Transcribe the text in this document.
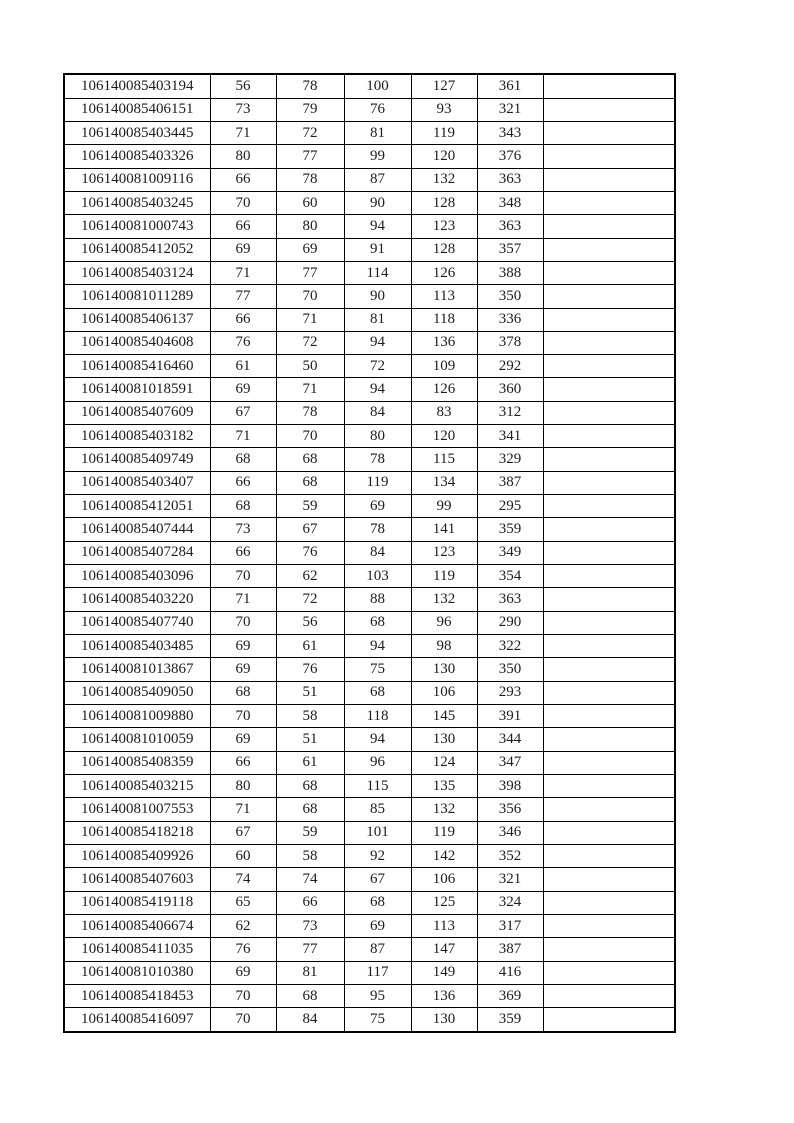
106140085403194	56	78	100	127	361	
106140085406151	73	79	76	93	321	
106140085403445	71	72	81	119	343	
106140085403326	80	77	99	120	376	
106140081009116	66	78	87	132	363	
106140085403245	70	60	90	128	348	
106140081000743	66	80	94	123	363	
106140085412052	69	69	91	128	357	
106140085403124	71	77	114	126	388	
106140081011289	77	70	90	113	350	
106140085406137	66	71	81	118	336	
106140085404608	76	72	94	136	378	
106140085416460	61	50	72	109	292	
106140081018591	69	71	94	126	360	
106140085407609	67	78	84	83	312	
106140085403182	71	70	80	120	341	
106140085409749	68	68	78	115	329	
106140085403407	66	68	119	134	387	
106140085412051	68	59	69	99	295	
106140085407444	73	67	78	141	359	
106140085407284	66	76	84	123	349	
106140085403096	70	62	103	119	354	
106140085403220	71	72	88	132	363	
106140085407740	70	56	68	96	290	
106140085403485	69	61	94	98	322	
106140081013867	69	76	75	130	350	
106140085409050	68	51	68	106	293	
106140081009880	70	58	118	145	391	
106140081010059	69	51	94	130	344	
106140085408359	66	61	96	124	347	
106140085403215	80	68	115	135	398	
106140081007553	71	68	85	132	356	
106140085418218	67	59	101	119	346	
106140085409926	60	58	92	142	352	
106140085407603	74	74	67	106	321	
106140085419118	65	66	68	125	324	
106140085406674	62	73	69	113	317	
106140085411035	76	77	87	147	387	
106140081010380	69	81	117	149	416	
106140085418453	70	68	95	136	369	
106140085416097	70	84	75	130	359	
